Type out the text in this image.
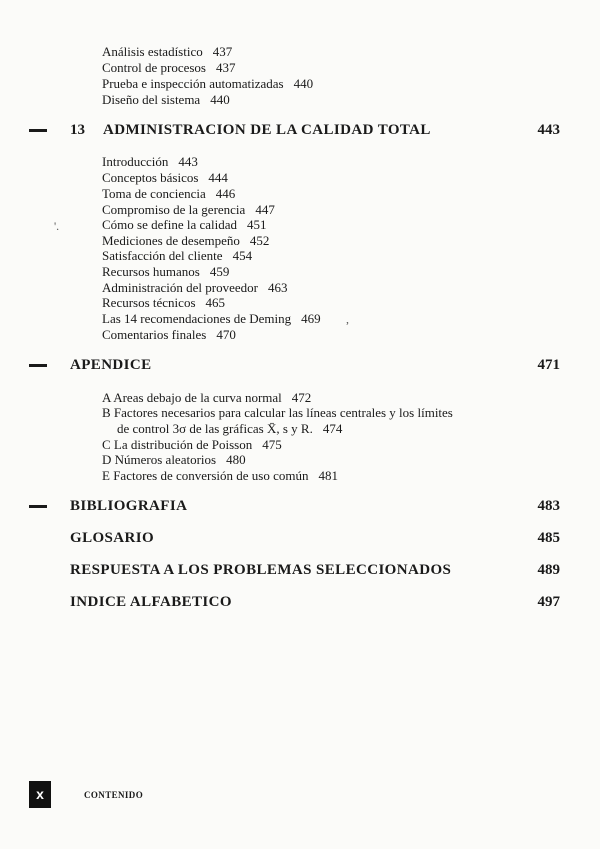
Análisis estadístico 437
Control de procesos 437
Prueba e inspección automatizadas 440
Diseño del sistema 440
13 ADMINISTRACION DE LA CALIDAD TOTAL	443
Introducción 443
Conceptos básicos 444
Toma de conciencia 446
Compromiso de la gerencia 447
Cómo se define la calidad 451
Mediciones de desempeño 452
Satisfacción del cliente 454
Recursos humanos 459
Administración del proveedor 463
Recursos técnicos 465
Las 14 recomendaciones de Deming 469
Comentarios finales 470
'.
,
APENDICE	471
A Areas debajo de la curva normal 472
B Factores necesarios para calcular las líneas centrales y los límites
de control 3σ de las gráficas X̄, s y R. 474
C La distribución de Poisson 475
D Números aleatorios 480
E Factores de conversión de uso común 481
BIBLIOGRAFIA	483
GLOSARIO	485
RESPUESTA A LOS PROBLEMAS SELECCIONADOS	489
INDICE ALFABETICO	497
x	CONTENIDO
